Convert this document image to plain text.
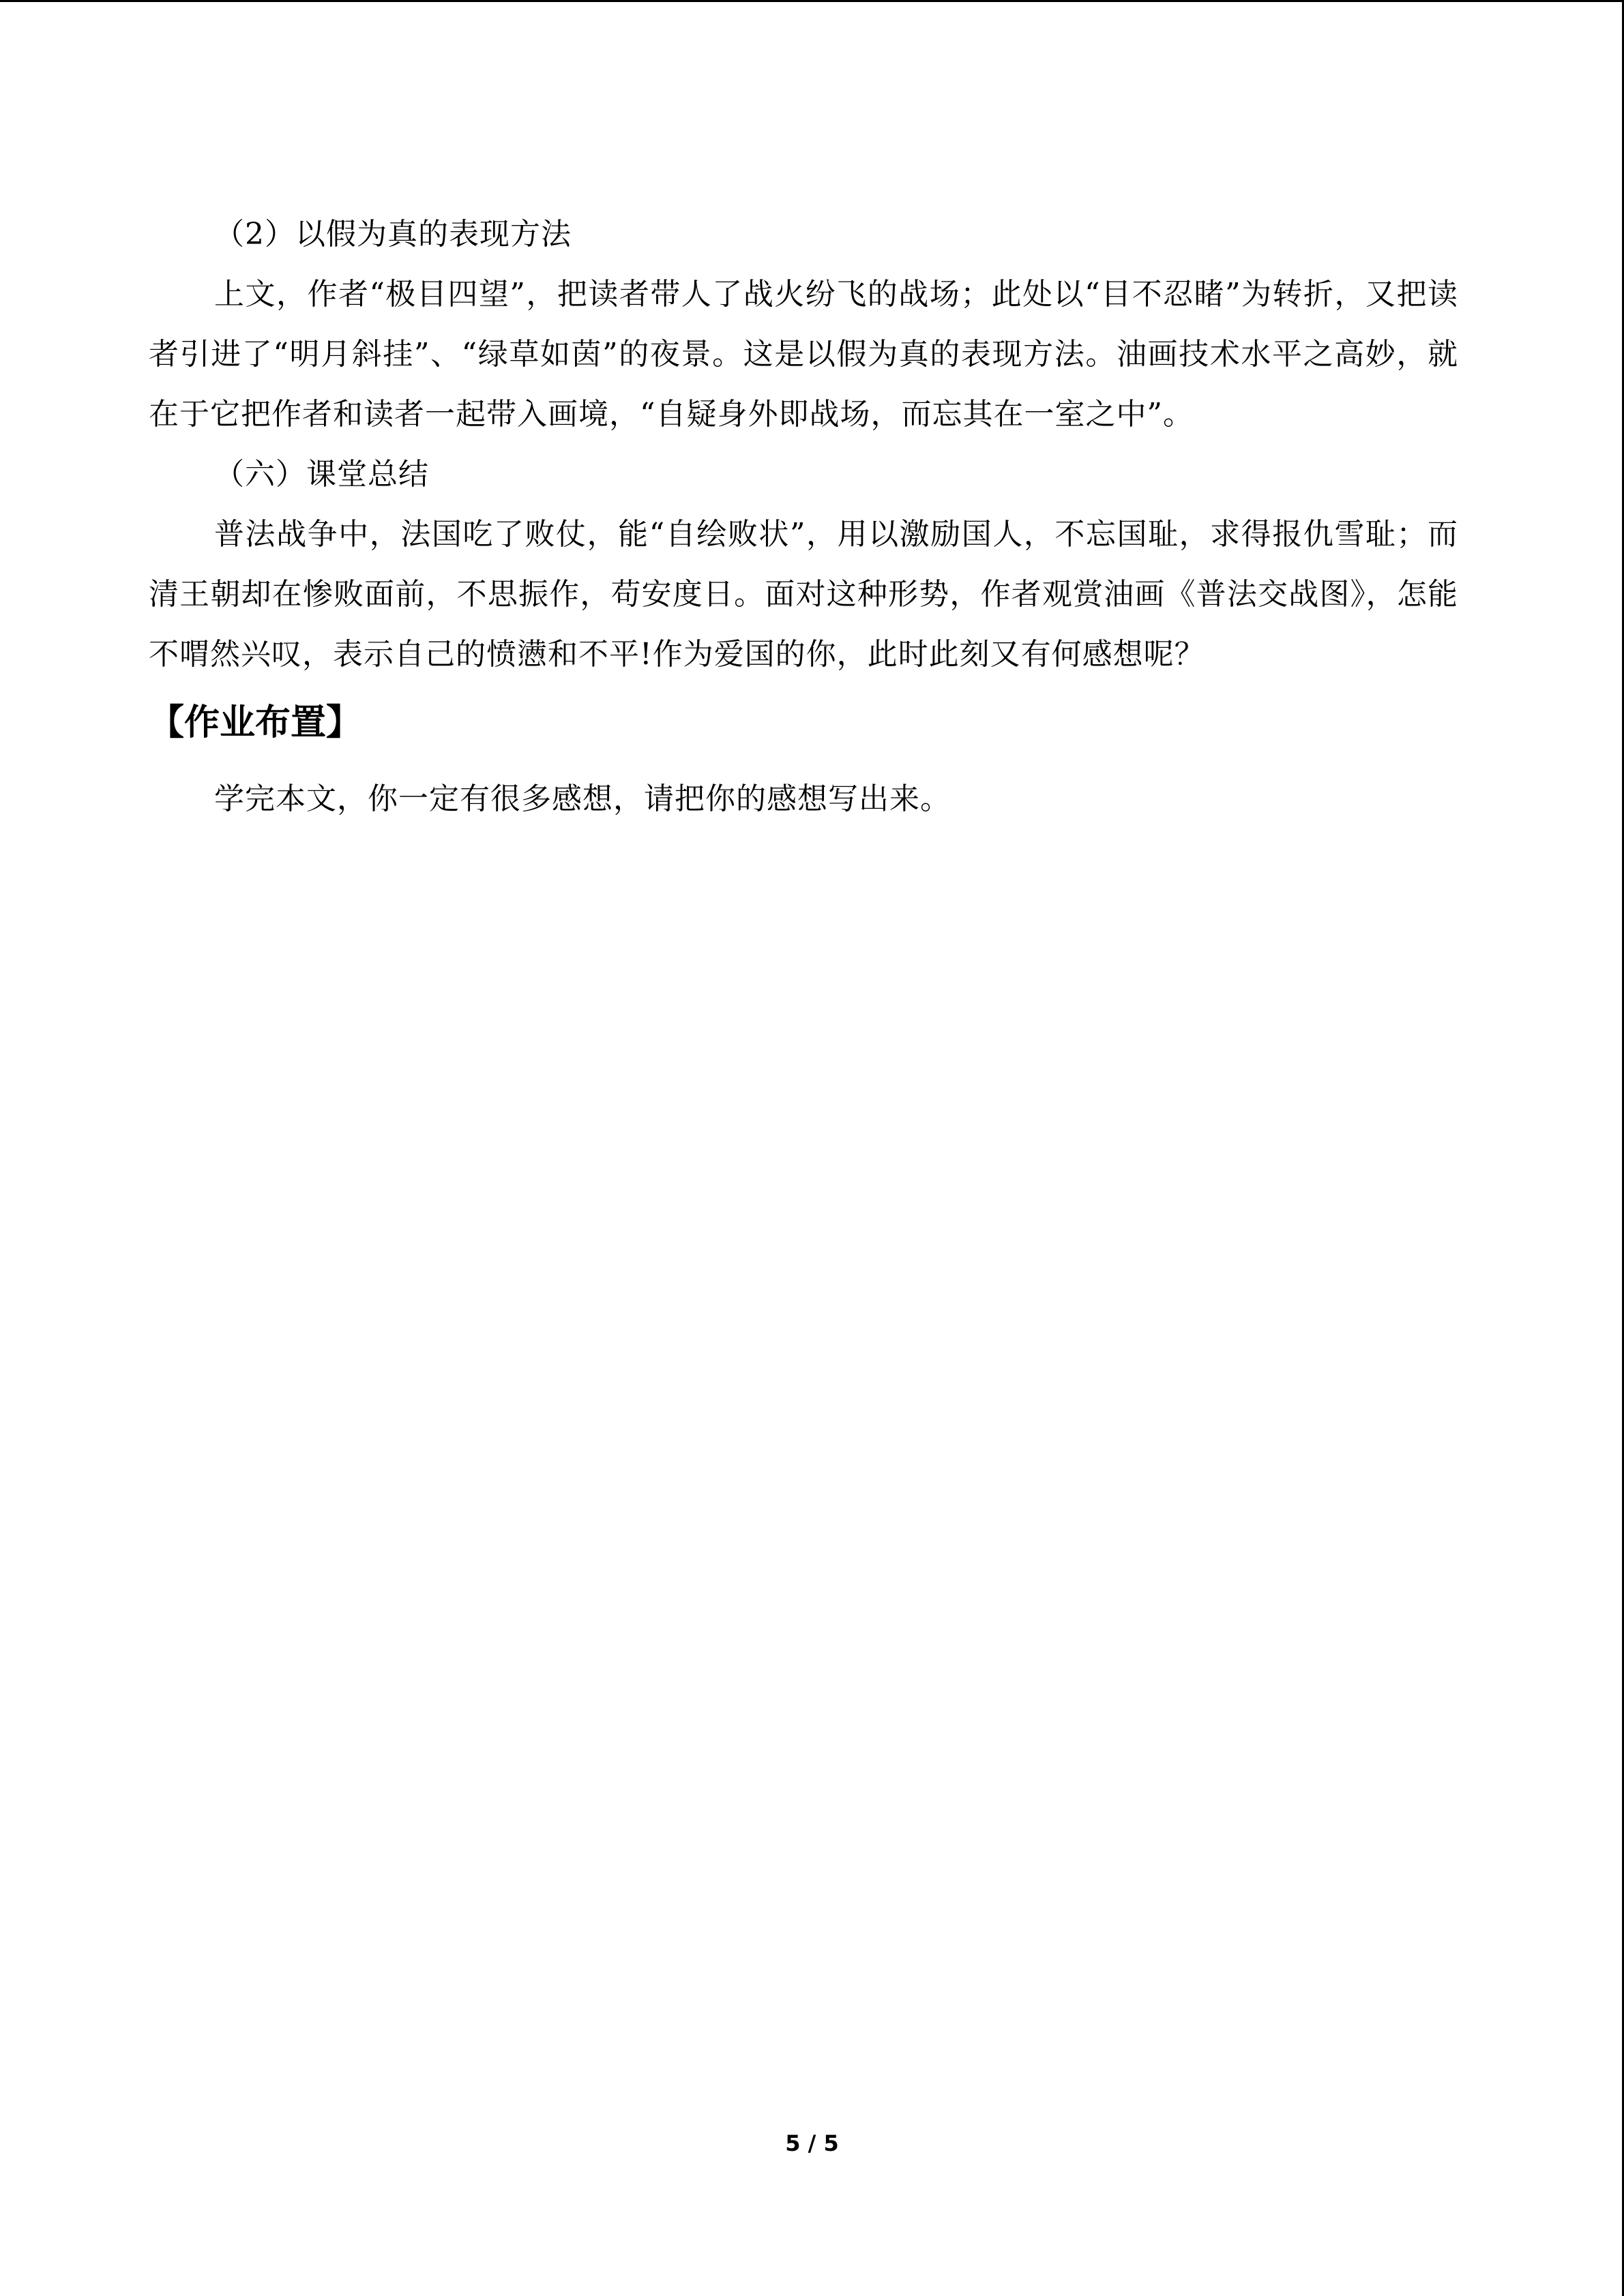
（2）以假为真的表现方法

上文，作者“极目四望”，把读者带人了战火纷飞的战场；此处以“目不忍睹”为转折，又把读者引进了“明月斜挂”、“绿草如茵”的夜景。这是以假为真的表现方法。油画技术水平之高妙，就在于它把作者和读者一起带入画境，“自疑身外即战场，而忘其在一室之中”。

（六）课堂总结

普法战争中，法国吃了败仗，能“自绘败状”，用以激励国人，不忘国耻，求得报仇雪耻；而清王朝却在惨败面前，不思振作，苟安度日。面对这种形势，作者观赏油画《普法交战图》，怎能不喟然兴叹，表示自己的愤懑和不平!作为爱国的你，此时此刻又有何感想呢？

【作业布置】

学完本文，你一定有很多感想，请把你的感想写出来。

5 / 5
